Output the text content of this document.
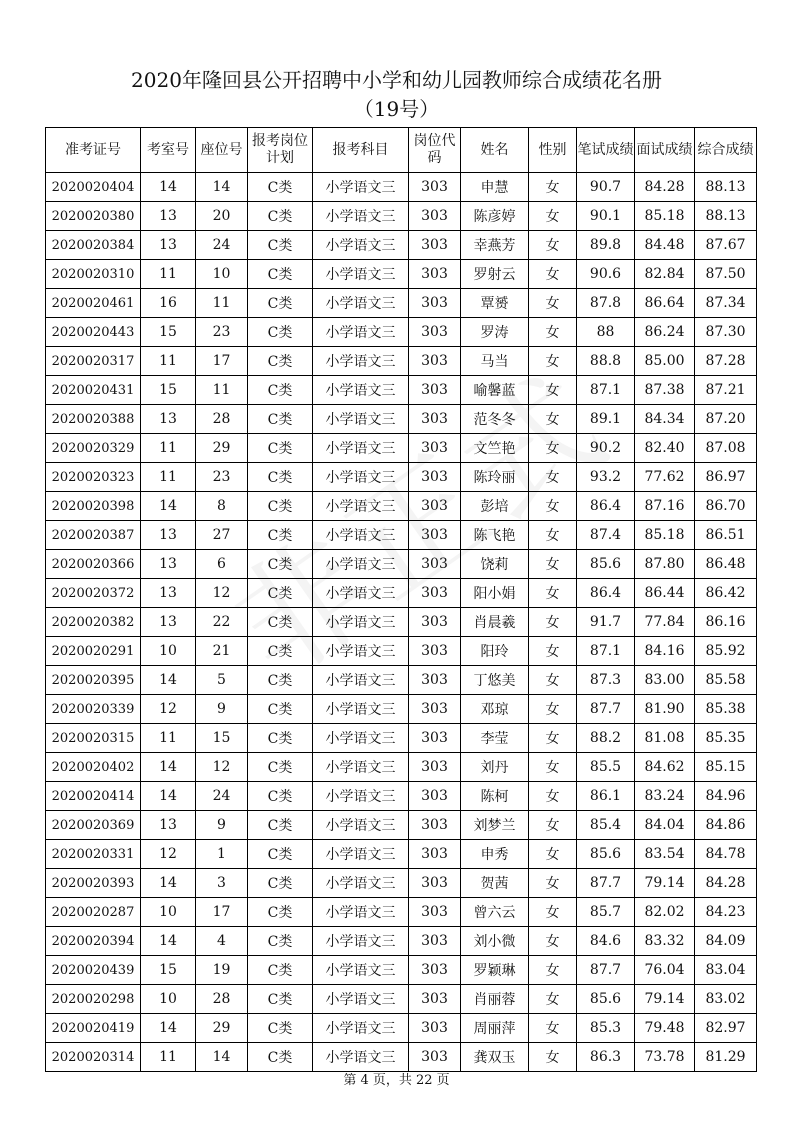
2020年隆回县公开招聘中小学和幼儿园教师综合成绩花名册
（19号）
准考证号	考室号	座位号	报考岗位计划	报考科目	岗位代码	姓名	性别	笔试成绩	面试成绩	综合成绩
2020020404	14	14	C类	小学语文三	303	申慧	女	90.7	84.28	88.13
2020020380	13	20	C类	小学语文三	303	陈彦婷	女	90.1	85.18	88.13
2020020384	13	24	C类	小学语文三	303	幸燕芳	女	89.8	84.48	87.67
2020020310	11	10	C类	小学语文三	303	罗射云	女	90.6	82.84	87.50
2020020461	16	11	C类	小学语文三	303	覃赟	女	87.8	86.64	87.34
2020020443	15	23	C类	小学语文三	303	罗涛	女	88	86.24	87.30
2020020317	11	17	C类	小学语文三	303	马当	女	88.8	85.00	87.28
2020020431	15	11	C类	小学语文三	303	喻馨蓝	女	87.1	87.38	87.21
2020020388	13	28	C类	小学语文三	303	范冬冬	女	89.1	84.34	87.20
2020020329	11	29	C类	小学语文三	303	文竺艳	女	90.2	82.40	87.08
2020020323	11	23	C类	小学语文三	303	陈玲丽	女	93.2	77.62	86.97
2020020398	14	8	C类	小学语文三	303	彭培	女	86.4	87.16	86.70
2020020387	13	27	C类	小学语文三	303	陈飞艳	女	87.4	85.18	86.51
2020020366	13	6	C类	小学语文三	303	饶莉	女	85.6	87.80	86.48
2020020372	13	12	C类	小学语文三	303	阳小娟	女	86.4	86.44	86.42
2020020382	13	22	C类	小学语文三	303	肖晨羲	女	91.7	77.84	86.16
2020020291	10	21	C类	小学语文三	303	阳玲	女	87.1	84.16	85.92
2020020395	14	5	C类	小学语文三	303	丁悠美	女	87.3	83.00	85.58
2020020339	12	9	C类	小学语文三	303	邓琼	女	87.7	81.90	85.38
2020020315	11	15	C类	小学语文三	303	李莹	女	88.2	81.08	85.35
2020020402	14	12	C类	小学语文三	303	刘丹	女	85.5	84.62	85.15
2020020414	14	24	C类	小学语文三	303	陈柯	女	86.1	83.24	84.96
2020020369	13	9	C类	小学语文三	303	刘梦兰	女	85.4	84.04	84.86
2020020331	12	1	C类	小学语文三	303	申秀	女	85.6	83.54	84.78
2020020393	14	3	C类	小学语文三	303	贺茜	女	87.7	79.14	84.28
2020020287	10	17	C类	小学语文三	303	曾六云	女	85.7	82.02	84.23
2020020394	14	4	C类	小学语文三	303	刘小微	女	84.6	83.32	84.09
2020020439	15	19	C类	小学语文三	303	罗颖琳	女	87.7	76.04	83.04
2020020298	10	28	C类	小学语文三	303	肖丽蓉	女	85.6	79.14	83.02
2020020419	14	29	C类	小学语文三	303	周丽萍	女	85.3	79.48	82.97
2020020314	11	14	C类	小学语文三	303	龚双玉	女	86.3	73.78	81.29
第 4 页，共 22 页
